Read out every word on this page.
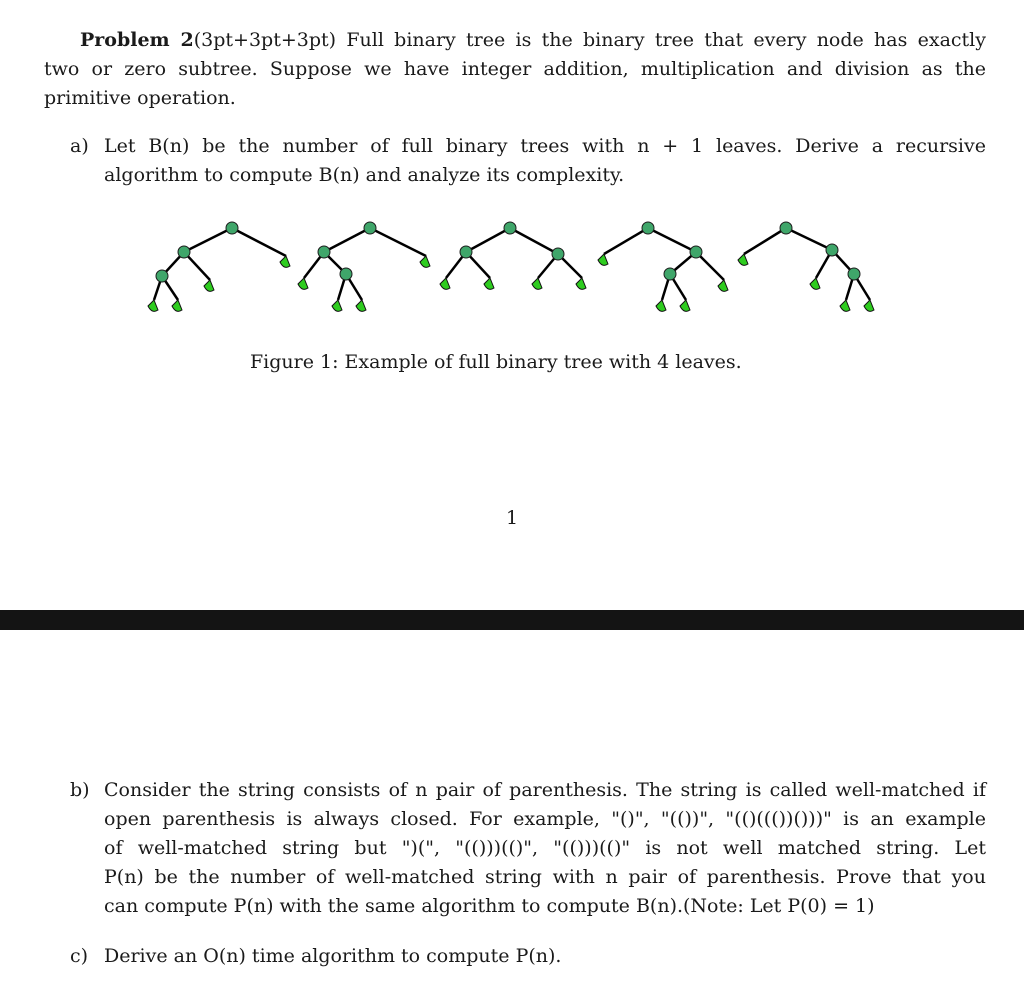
Problem 2(3pt+3pt+3pt) Full binary tree is the binary tree that every node has exactly
two or zero subtree. Suppose we have integer addition, multiplication and division as the
primitive operation.
a) Let B(n) be the number of full binary trees with n + 1 leaves. Derive a recursive
algorithm to compute B(n) and analyze its complexity.
Figure 1: Example of full binary tree with 4 leaves.
1
b) Consider the string consists of n pair of parenthesis. The string is called well-matched if
open parenthesis is always closed. For example, "()", "(())", "(()((())()))" is an example
of well-matched string but ")(", "(()))(()", "(()))(()" is not well matched string. Let
P(n) be the number of well-matched string with n pair of parenthesis. Prove that you
can compute P(n) with the same algorithm to compute B(n).(Note: Let P(0) = 1)
c) Derive an O(n) time algorithm to compute P(n).
